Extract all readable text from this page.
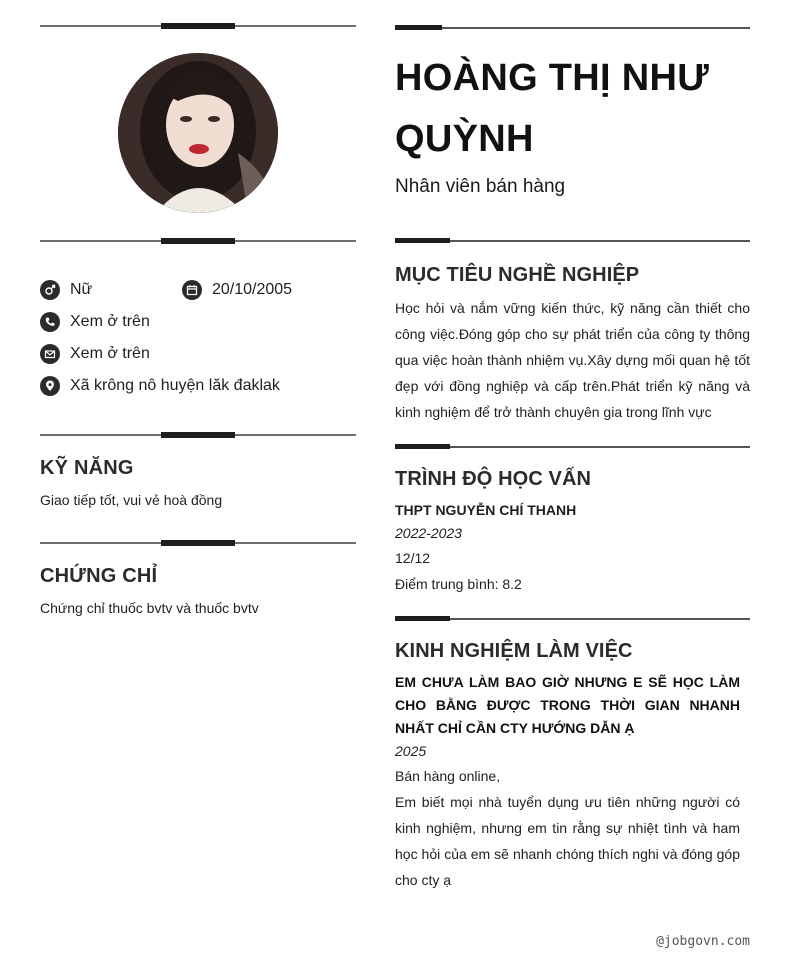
Nữ	20/10/2005
Xem ở trên
Xem ở trên
Xã krông nô huyện lăk đaklak
KỸ NĂNG
Giao tiếp tốt, vui vẻ hoà đồng
CHỨNG CHỈ
Chứng chỉ thuốc bvtv và thuốc bvtv
HOÀNG THỊ NHƯ QUỲNH
Nhân viên bán hàng
MỤC TIÊU NGHỀ NGHIỆP
Học hỏi và nắm vững kiến thức, kỹ năng cần thiết cho công việc.Đóng góp cho sự phát triển của công ty thông qua việc hoàn thành nhiệm vụ.Xây dựng mối quan hệ tốt đẹp với đồng nghiệp và cấp trên.Phát triển kỹ năng và kinh nghiệm để trở thành chuyên gia trong lĩnh vực
TRÌNH ĐỘ HỌC VẤN
THPT NGUYỄN CHÍ THANH
2022-2023
12/12
Điểm trung bình: 8.2
KINH NGHIỆM LÀM VIỆC
EM CHƯA LÀM BAO GIỜ NHƯNG E SẼ HỌC LÀM CHO BẰNG ĐƯỢC TRONG THỜI GIAN NHANH NHẤT CHỈ CẦN CTY HƯỚNG DẪN Ạ
2025
Bán hàng online,
Em biết mọi nhà tuyển dụng ưu tiên những người có kinh nghiệm, nhưng em tin rằng sự nhiệt tình và ham học hỏi của em sẽ nhanh chóng thích nghi và đóng góp cho cty ạ
@jobgovn.com
